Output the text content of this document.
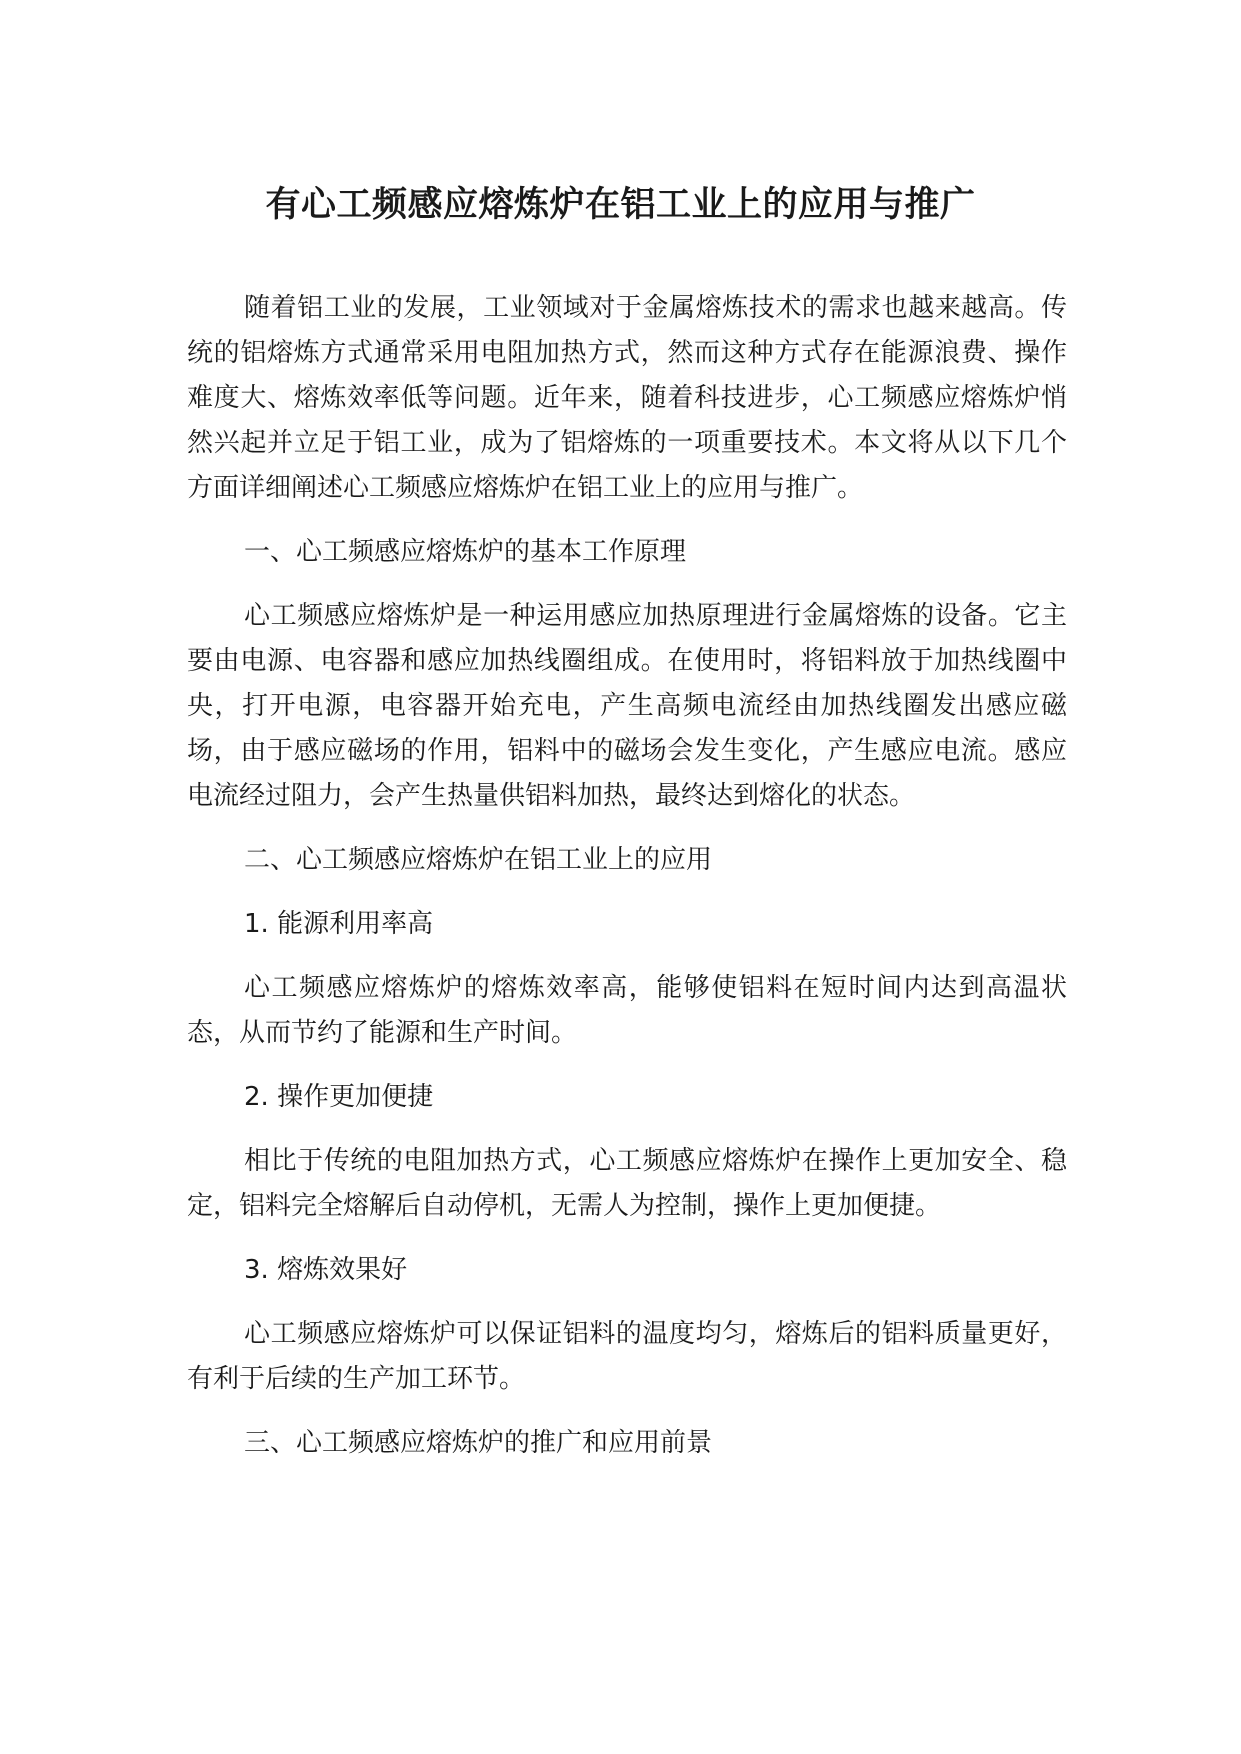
有心工频感应熔炼炉在铝工业上的应用与推广

随着铝工业的发展，工业领域对于金属熔炼技术的需求也越来越高。传统的铝熔炼方式通常采用电阻加热方式，然而这种方式存在能源浪费、操作难度大、熔炼效率低等问题。近年来，随着科技进步，心工频感应熔炼炉悄然兴起并立足于铝工业，成为了铝熔炼的一项重要技术。本文将从以下几个方面详细阐述心工频感应熔炼炉在铝工业上的应用与推广。

一、心工频感应熔炼炉的基本工作原理

心工频感应熔炼炉是一种运用感应加热原理进行金属熔炼的设备。它主要由电源、电容器和感应加热线圈组成。在使用时，将铝料放于加热线圈中央，打开电源，电容器开始充电，产生高频电流经由加热线圈发出感应磁场，由于感应磁场的作用，铝料中的磁场会发生变化，产生感应电流。感应电流经过阻力，会产生热量供铝料加热，最终达到熔化的状态。

二、心工频感应熔炼炉在铝工业上的应用

1. 能源利用率高

心工频感应熔炼炉的熔炼效率高，能够使铝料在短时间内达到高温状态，从而节约了能源和生产时间。

2. 操作更加便捷

相比于传统的电阻加热方式，心工频感应熔炼炉在操作上更加安全、稳定，铝料完全熔解后自动停机，无需人为控制，操作上更加便捷。

3. 熔炼效果好

心工频感应熔炼炉可以保证铝料的温度均匀，熔炼后的铝料质量更好，有利于后续的生产加工环节。

三、心工频感应熔炼炉的推广和应用前景
